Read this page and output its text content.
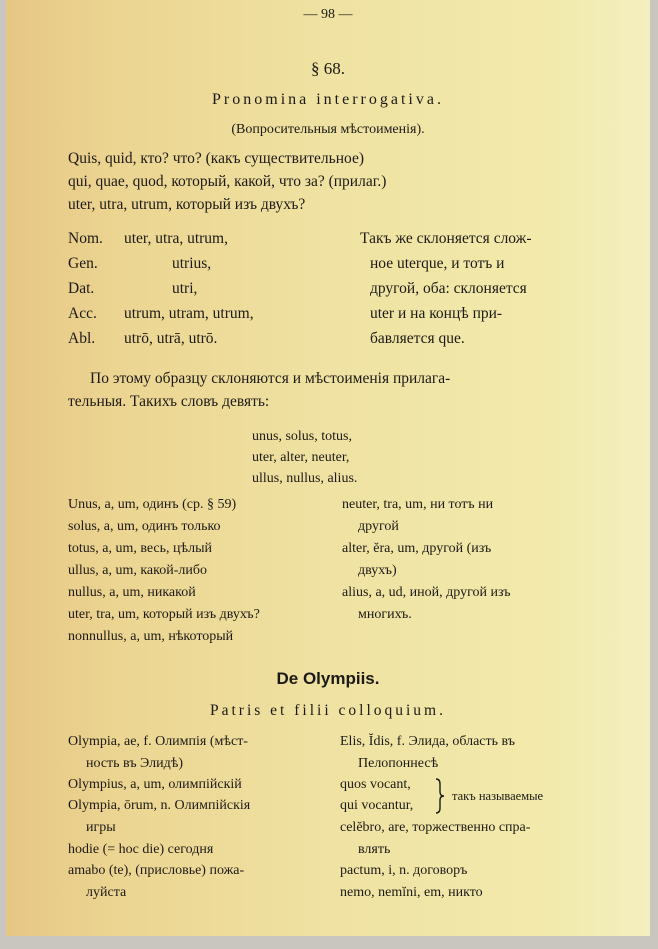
— 98 —
§ 68.
Pronomina interrogativa.
(Вопросительныя мѣстоименія).
Quis, quid, кто? что? (какъ существительное)
qui, quae, quod, который, какой, что за? (прилаг.)
uter, utra, utrum, который изъ двухъ?
Nom. uter, utra, utrum,
Gen.	utrius,
Dat.	utri,
Acc. utrum, utram, utrum,
Abl. utrō, utrā, utrō.
Такъ же склоняется слож-
ное uterque, и тотъ и
другой, оба: склоняется
uter и на концѣ при-
бавляется que.
По этому образцу склоняются и мѣстоименія прилага-
тельныя. Такихъ словъ девять:
unus, solus, totus,
uter, alter, neuter,
ullus, nullus, alius.
Unus, a, um, одинъ (ср. § 59)
solus, a, um, одинъ только
totus, a, um, весь, цѣлый
ullus, a, um, какой-либо
nullus, a, um, никакой
uter, tra, um, который изъ двухъ?
nonnullus, a, um, нѣкоторый
neuter, tra, um, ни тотъ ни
другой
alter, ĕra, um, другой (изъ
двухъ)
alius, a, ud, иной, другой изъ
многихъ.
De Olympiis.
Patris et filii colloquium.
Olympia, ae, f. Олимпія (мѣст-
ность въ Элидѣ)
Olympius, a, um, олимпійскій
Olympia, ōrum, n. Олимпійскія
игры
hodie (= hoc die) сегодня
amabo (te), (присловье) пожа-
луйста
Elis, Ĭdis, f. Элида, область въ
Пелопоннесѣ
quos vocant,
qui vocantur,
такъ называемые
celĕbro, are, торжественно спра-
влять
pactum, i, n. договоръ
nemo, nemĭni, em, никто
